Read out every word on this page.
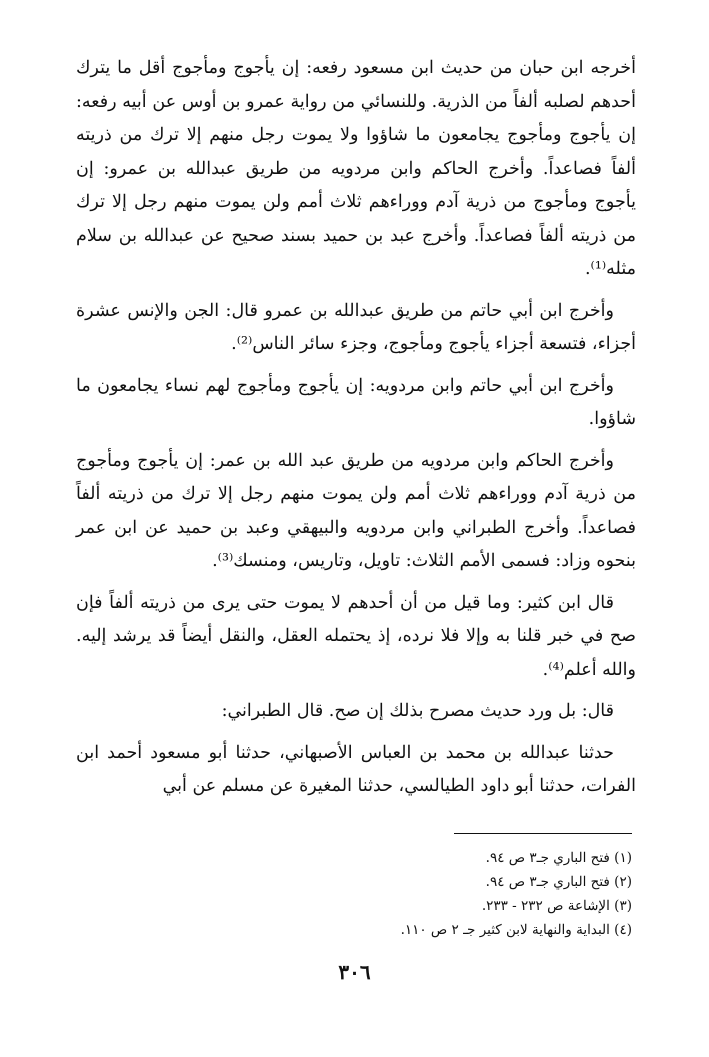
أخرجه ابن حبان من حديث ابن مسعود رفعه: إن يأجوج ومأجوج أقل ما يترك أحدهم لصلبه ألفاً من الذرية. وللنسائي من رواية عمرو بن أوس عن أبيه رفعه: إن يأجوج ومأجوج يجامعون ما شاؤوا ولا يموت رجل منهم إلا ترك من ذريته ألفاً فصاعداً. وأخرج الحاكم وابن مردويه من طريق عبدالله بن عمرو: إن يأجوج ومأجوج من ذرية آدم ووراءهم ثلاث أمم ولن يموت منهم رجل إلا ترك من ذريته ألفاً فصاعداً. وأخرج عبد بن حميد بسند صحيح عن عبدالله بن سلام مثله⁽¹⁾.

وأخرج ابن أبي حاتم من طريق عبدالله بن عمرو قال: الجن والإنس عشرة أجزاء، فتسعة أجزاء يأجوج ومأجوج، وجزء سائر الناس⁽²⁾.

وأخرج ابن أبي حاتم وابن مردويه: إن يأجوج ومأجوج لهم نساء يجامعون ما شاؤوا.

وأخرج الحاكم وابن مردويه من طريق عبد الله بن عمر: إن يأجوج ومأجوج من ذرية آدم ووراءهم ثلاث أمم ولن يموت منهم رجل إلا ترك من ذريته ألفاً فصاعداً. وأخرج الطبراني وابن مردويه والبيهقي وعبد بن حميد عن ابن عمر بنحوه وزاد: فسمى الأمم الثلاث: تاويل، وتاريس، ومنسك⁽³⁾.

قال ابن كثير: وما قيل من أن أحدهم لا يموت حتى يرى من ذريته ألفاً فإن صح في خبر قلنا به وإلا فلا نرده، إذ يحتمله العقل، والنقل أيضاً قد يرشد إليه. والله أعلم⁽⁴⁾.

قال: بل ورد حديث مصرح بذلك إن صح. قال الطبراني:

حدثنا عبدالله بن محمد بن العباس الأصبهاني، حدثنا أبو مسعود أحمد ابن الفرات، حدثنا أبو داود الطيالسي، حدثنا المغيرة عن مسلم عن أبي

(١) فتح الباري جـ٣ ص ٩٤.

(٢) فتح الباري جـ٣ ص ٩٤.

(٣) الإشاعة ص ٢٣٢ - ٢٣٣.

(٤) البداية والنهاية لابن كثير جـ ٢ ص ١١٠.

٣٠٦
